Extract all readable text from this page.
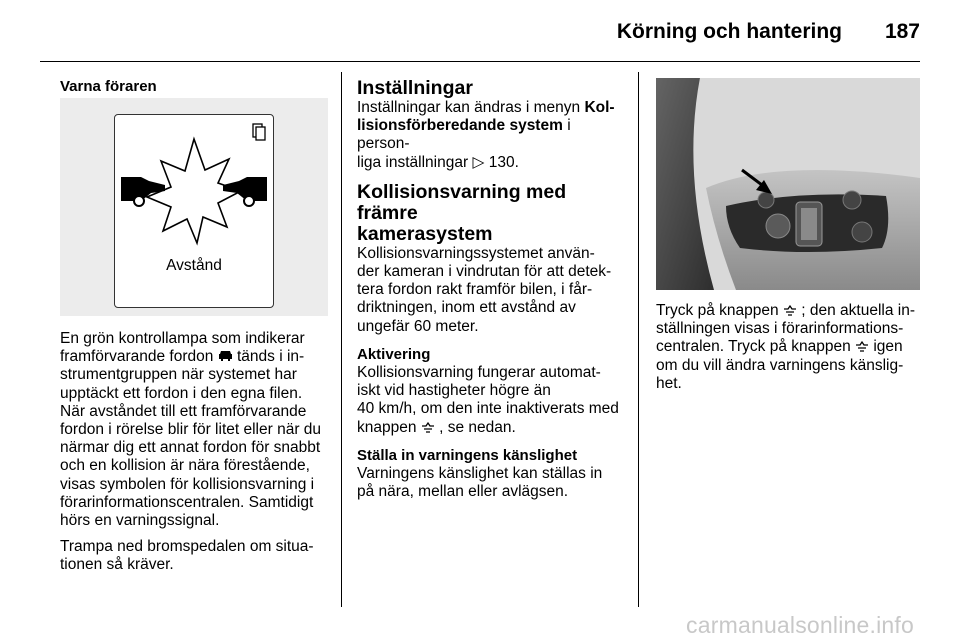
Körning och hantering 187

Varna föraren

Avstånd

En grön kontrollampa som indikerar
framförvarande fordon tänds i in-
strumentgruppen när systemet har
upptäckt ett fordon i den egna filen.
När avståndet till ett framförvarande
fordon i rörelse blir för litet eller när du
närmar dig ett annat fordon för snabbt
och en kollision är nära förestående,
visas symbolen för kollisionsvarning i
förarinformationscentralen. Samtidigt
hörs en varningssignal.

Trampa ned bromspedalen om situa-
tionen så kräver.

Inställningar

Inställningar kan ändras i menyn Kol-
lisionsförberedande system i person-
liga inställningar ▷ 130.

Kollisionsvarning med främre
kamerasystem

Kollisionsvarningssystemet använ-
der kameran i vindrutan för att detek-
tera fordon rakt framför bilen, i får-
driktningen, inom ett avstånd av
ungefär 60 meter.

Aktivering

Kollisionsvarning fungerar automat-
iskt vid hastigheter högre än
40 km/h, om den inte inaktiverats med
knappen , se nedan.

Ställa in varningens känslighet

Varningens känslighet kan ställas in
på nära, mellan eller avlägsen.

Tryck på knappen ; den aktuella in-
ställningen visas i förarinformations-
centralen. Tryck på knappen igen
om du vill ändra varningens känslig-
het.

carmanualsonline.info
